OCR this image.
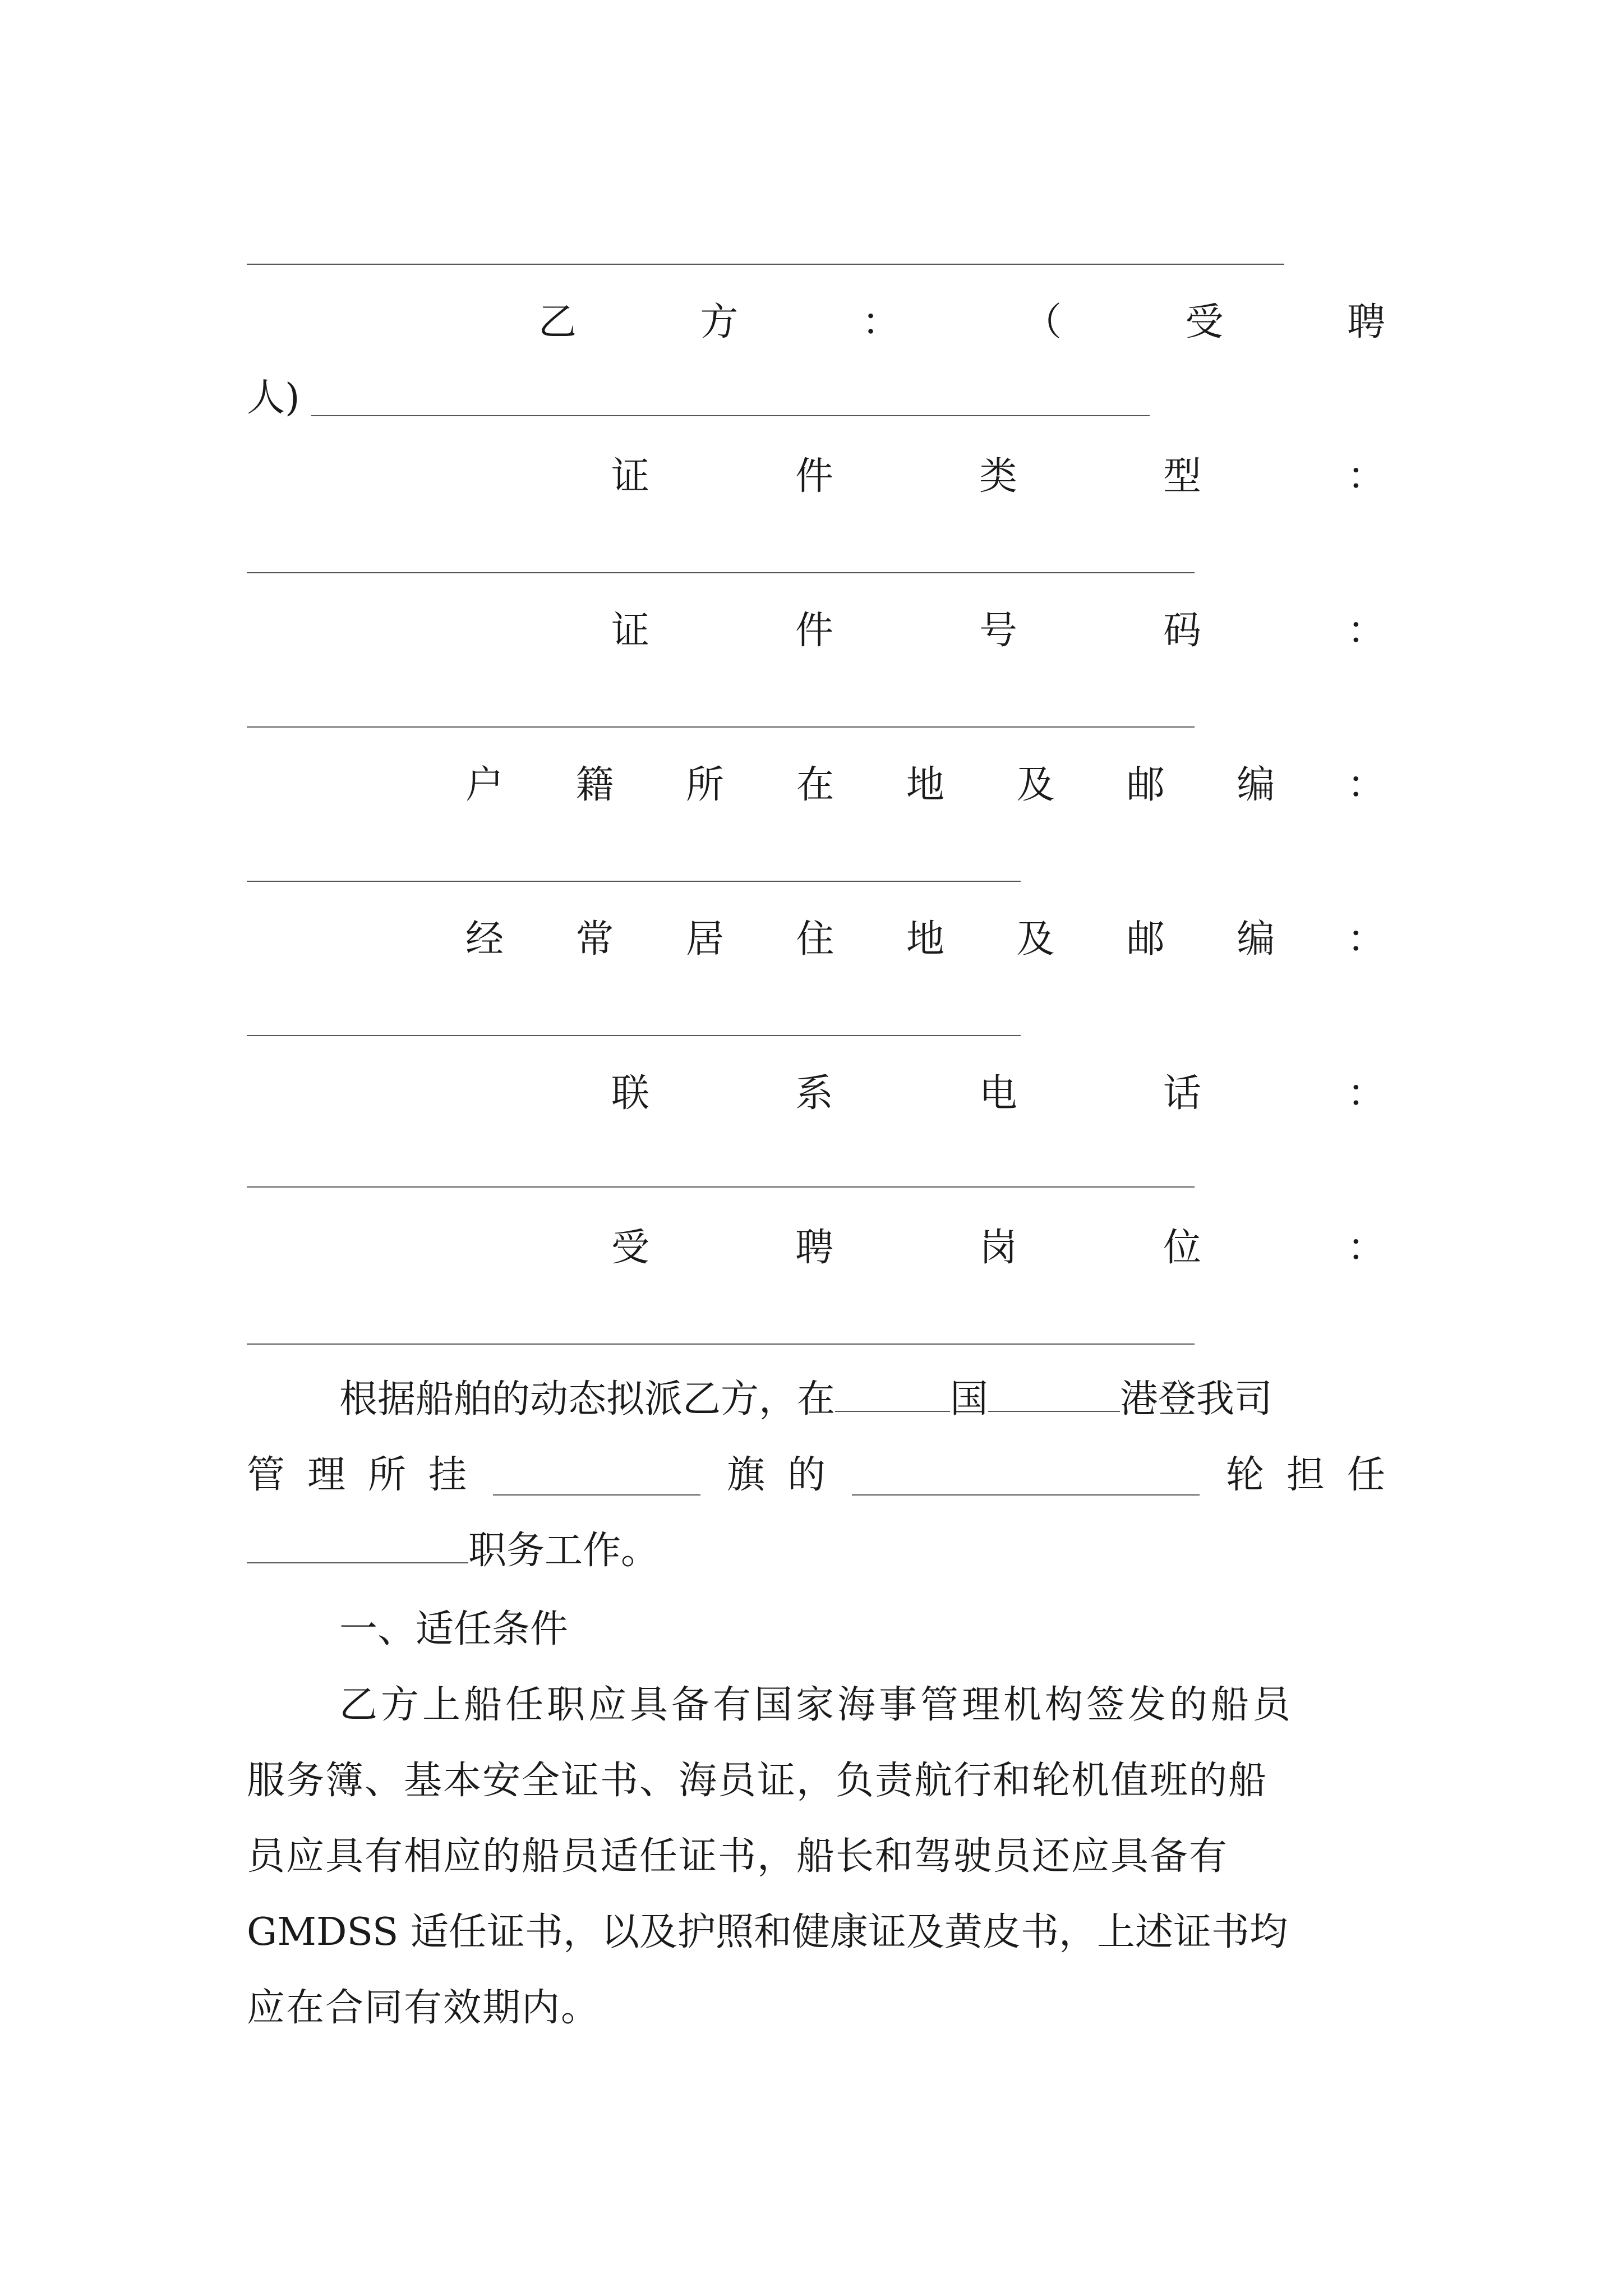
乙	方	：	（	受	聘
人)
证	件	类	型	：
证	件	号	码	：
户 籍 所 在 地 及 邮 编 ：
经 常 居 住 地 及 邮 编 ：
联	系	电	话	：
受	聘	岗	位	：
根据船舶的动态拟派乙方，在	国	港登我司
管 理 所 挂	旗 的	轮 担 任
职务工作。
一、适任条件
乙方上船任职应具备有国家海事管理机构签发的船员
服务簿、基本安全证书、海员证，负责航行和轮机值班的船
员应具有相应的船员适任证书，船长和驾驶员还应具备有
GMDSS 适任证书，以及护照和健康证及黄皮书，上述证书均
应在合同有效期内。
